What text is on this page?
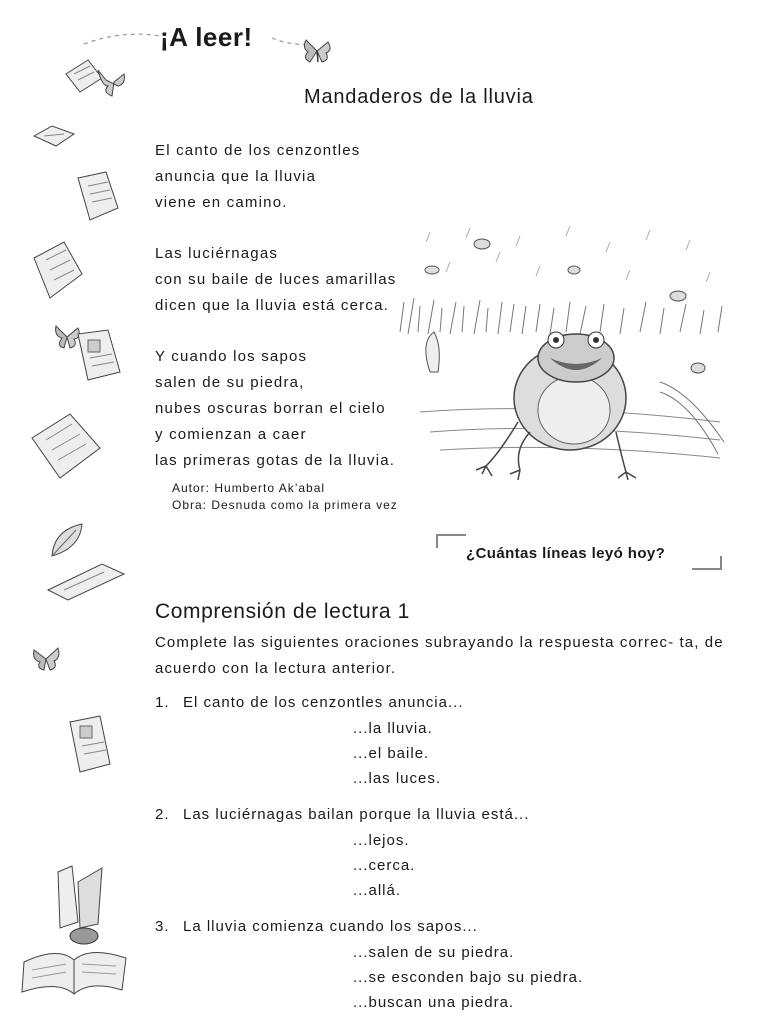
¡A leer!
Mandaderos de la lluvia
El canto de los cenzontles
anuncia que la lluvia
viene en camino.
Las luciérnagas
con su baile de luces amarillas
dicen que la lluvia está cerca.
Y cuando los sapos
salen de su piedra,
nubes oscuras borran el cielo
y comienzan a caer
las primeras gotas de la lluvia.
Autor: Humberto Ak’abal
Obra: Desnuda como la primera vez
¿Cuántas líneas leyó hoy?
Comprensión de lectura 1
Complete las siguientes oraciones subrayando la respuesta correc- ta, de acuerdo con la lectura anterior.
1. El canto de los cenzontles anuncia...
...la lluvia.
...el baile.
...las luces.
2. Las luciérnagas bailan porque la lluvia está...
...lejos.
...cerca.
...allá.
3. La lluvia comienza cuando los sapos...
...salen de su piedra.
...se esconden bajo su piedra.
...buscan una piedra.
